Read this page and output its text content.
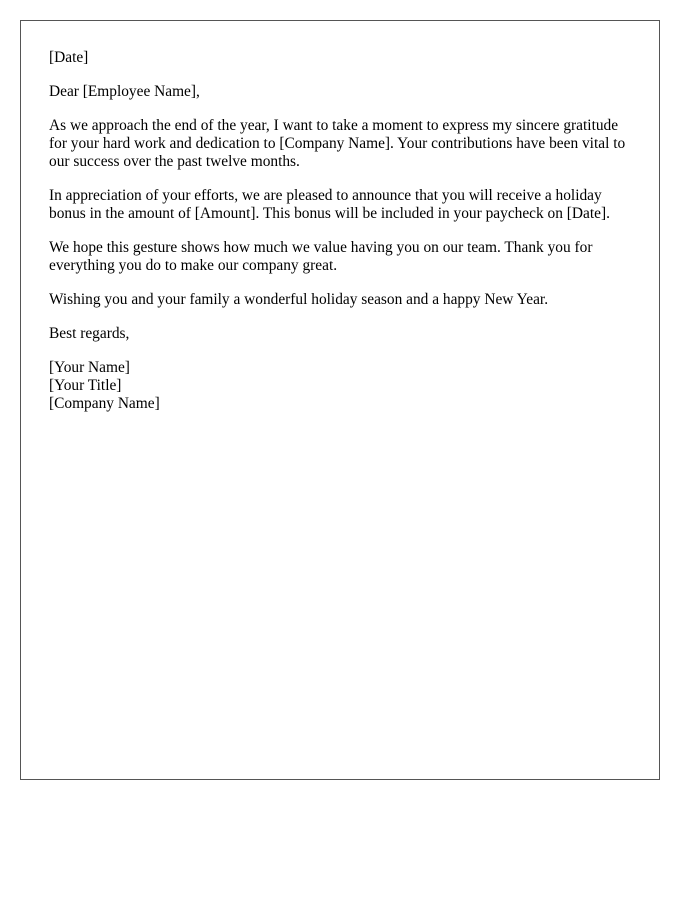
[Date]

Dear [Employee Name],

As we approach the end of the year, I want to take a moment to express my sincere gratitude for your hard work and dedication to [Company Name]. Your contributions have been vital to our success over the past twelve months.

In appreciation of your efforts, we are pleased to announce that you will receive a holiday bonus in the amount of [Amount]. This bonus will be included in your paycheck on [Date].

We hope this gesture shows how much we value having you on our team. Thank you for everything you do to make our company great.

Wishing you and your family a wonderful holiday season and a happy New Year.

Best regards,

[Your Name]
[Your Title]
[Company Name]
